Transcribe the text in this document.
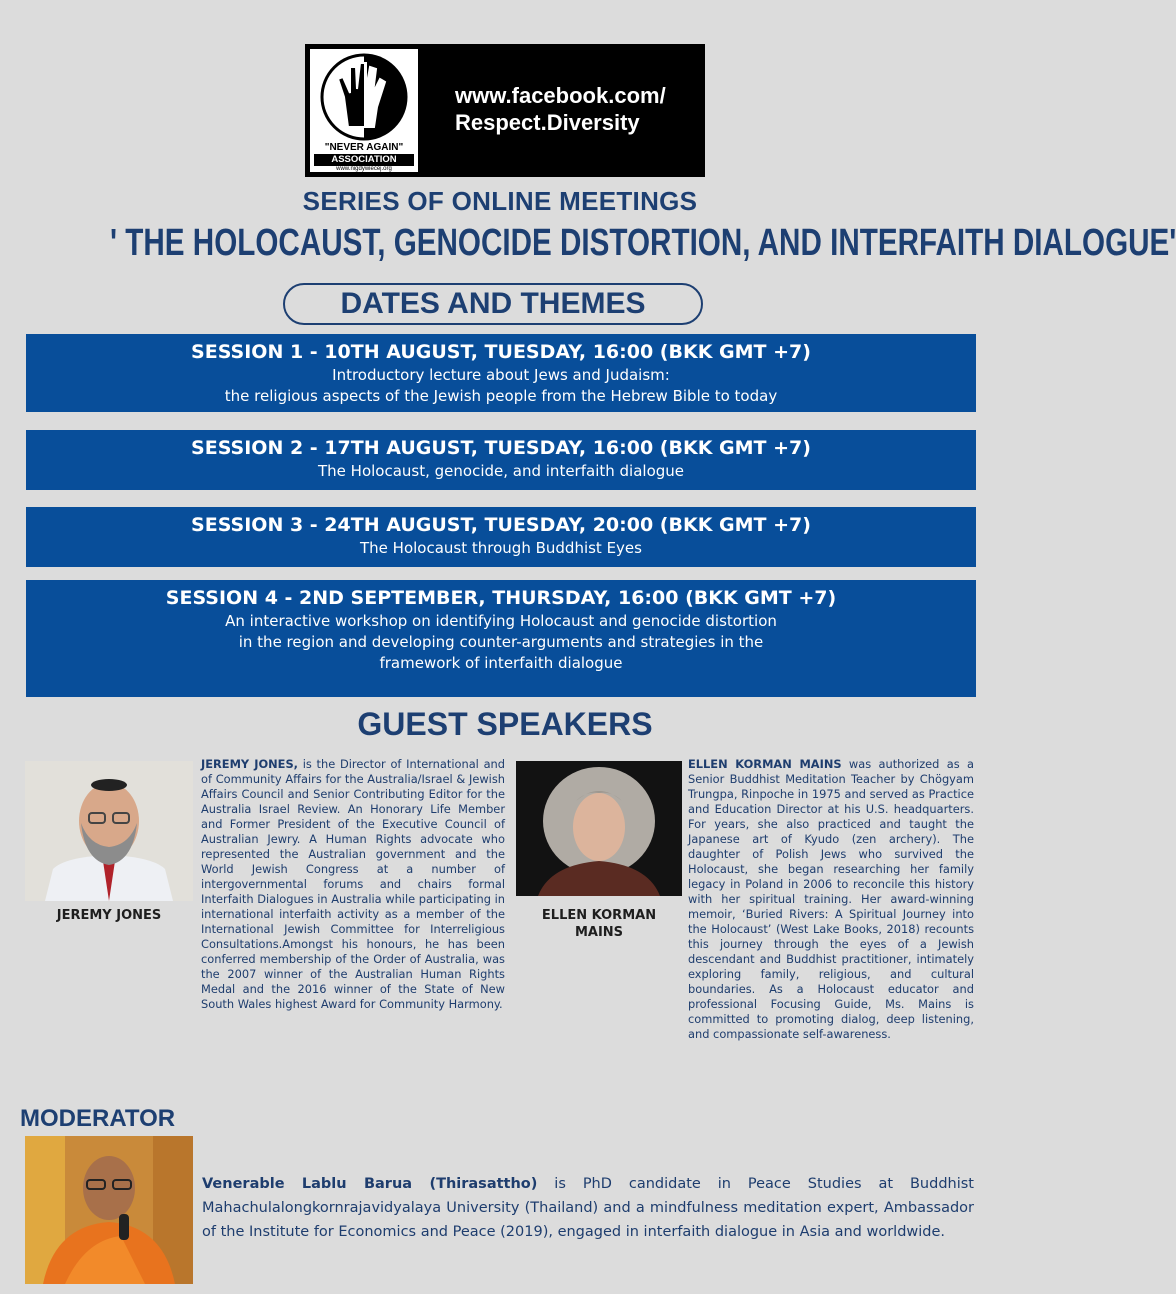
"NEVER AGAIN"
ASSOCIATION
www.nigdywiecej.org
www.facebook.com/
Respect.Diversity
SERIES OF ONLINE MEETINGS
' THE HOLOCAUST, GENOCIDE DISTORTION, AND INTERFAITH DIALOGUE'
DATES AND THEMES
SESSION 1 - 10TH AUGUST, TUESDAY, 16:00 (BKK GMT +7)
Introductory lecture about Jews and Judaism:
the religious aspects of the Jewish people from the Hebrew Bible to today
SESSION 2 - 17TH AUGUST, TUESDAY, 16:00 (BKK GMT +7)
The Holocaust, genocide, and interfaith dialogue
SESSION 3 - 24TH AUGUST, TUESDAY, 20:00 (BKK GMT +7)
The Holocaust through Buddhist Eyes
SESSION 4 - 2ND SEPTEMBER, THURSDAY, 16:00 (BKK GMT +7)
An interactive workshop on identifying Holocaust and genocide distortion
in the region and developing counter-arguments and strategies in the
framework of interfaith dialogue
GUEST SPEAKERS
JEREMY JONES
JEREMY JONES, is the Director of International and of Community Affairs for the Australia/Israel & Jewish Affairs Council and Senior Contributing Editor for the Australia Israel Review. An Honorary Life Member and Former President of the Executive Council of Australian Jewry. A Human Rights advocate who represented the Australian government and the World Jewish Congress at a number of intergovernmental forums and chairs formal Interfaith Dialogues in Australia while participating in international interfaith activity as a member of the International Jewish Committee for Interreligious Consultations.Amongst his honours, he has been conferred membership of the Order of Australia, was the 2007 winner of the Australian Human Rights Medal and the 2016 winner of the State of New South Wales highest Award for Community Harmony.
ELLEN KORMAN MAINS
ELLEN KORMAN MAINS was authorized as a Senior Buddhist Meditation Teacher by Chögyam Trungpa, Rinpoche in 1975 and served as Practice and Education Director at his U.S. headquarters. For years, she also practiced and taught the Japanese art of Kyudo (zen archery). The daughter of Polish Jews who survived the Holocaust, she began researching her family legacy in Poland in 2006 to reconcile this history with her spiritual training. Her award-winning memoir, ‘Buried Rivers: A Spiritual Journey into the Holocaust’ (West Lake Books, 2018) recounts this journey through the eyes of a Jewish descendant and Buddhist practitioner, intimately exploring family, religious, and cultural boundaries. As a Holocaust educator and professional Focusing Guide, Ms. Mains is committed to promoting dialog, deep listening, and compassionate self-awareness.
MODERATOR
Venerable Lablu Barua (Thirasattho) is PhD candidate in Peace Studies at Buddhist Mahachulalongkornrajavidyalaya University (Thailand) and a mindfulness meditation expert, Ambassador of the Institute for Economics and Peace (2019), engaged in interfaith dialogue in Asia and worldwide.
